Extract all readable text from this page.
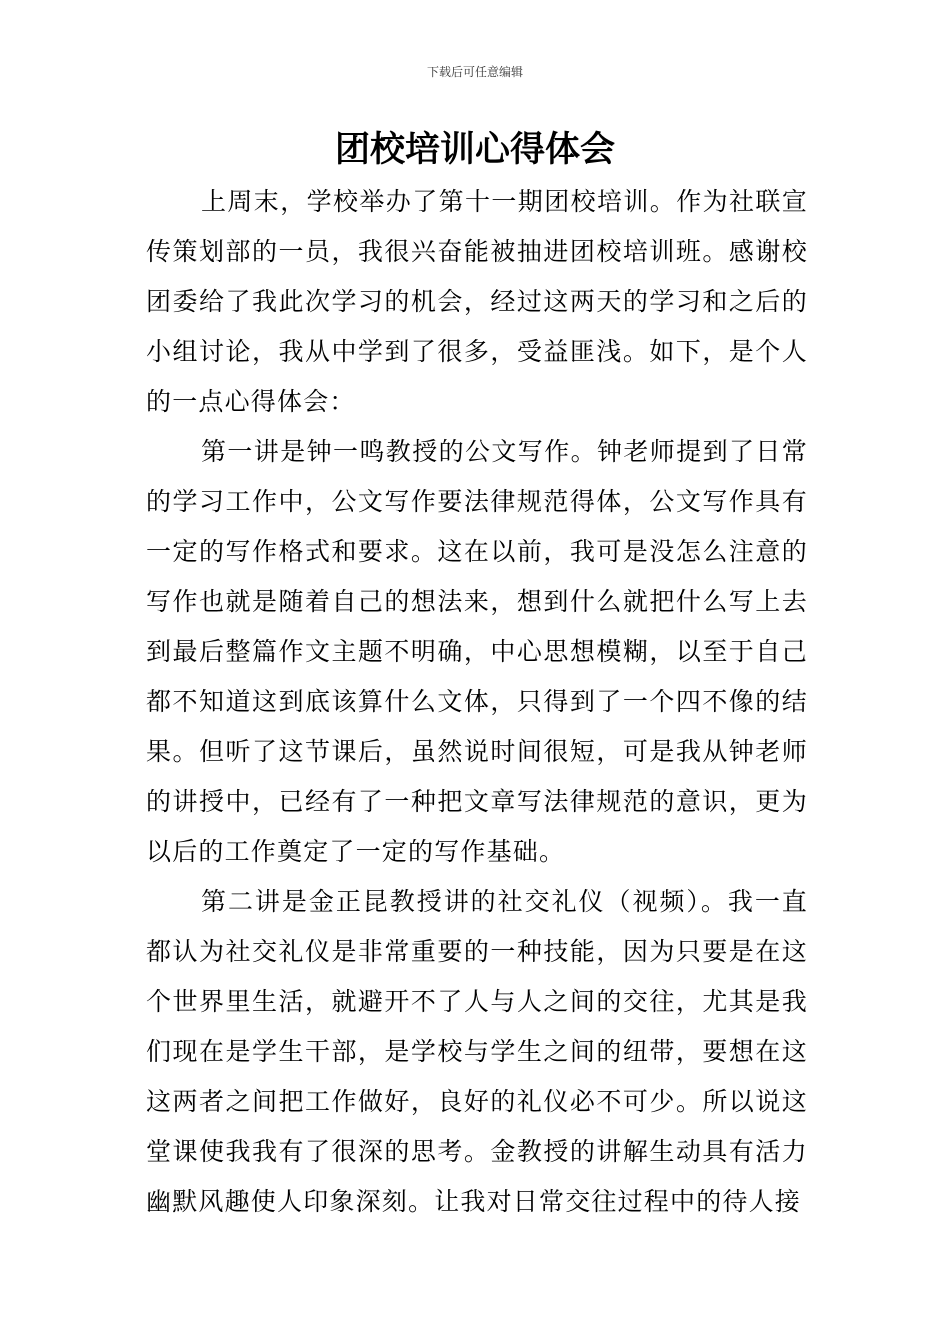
下载后可任意编辑
团校培训心得体会

上周末，学校举办了第十一期团校培训。作为社联宣传策划部的一员，我很兴奋能被抽进团校培训班。感谢校团委给了我此次学习的机会，经过这两天的学习和之后的小组讨论，我从中学到了很多，受益匪浅。如下，是个人的一点心得体会：

第一讲是钟一鸣教授的公文写作。钟老师提到了日常的学习工作中，公文写作要法律规范得体，公文写作具有一定的写作格式和要求。这在以前，我可是没怎么注意的写作也就是随着自己的想法来，想到什么就把什么写上去到最后整篇作文主题不明确，中心思想模糊，以至于自己都不知道这到底该算什么文体，只得到了一个四不像的结果。但听了这节课后，虽然说时间很短，可是我从钟老师的讲授中，已经有了一种把文章写法律规范的意识，更为以后的工作奠定了一定的写作基础。

第二讲是金正昆教授讲的社交礼仪（视频）。我一直都认为社交礼仪是非常重要的一种技能，因为只要是在这个世界里生活，就避开不了人与人之间的交往，尤其是我们现在是学生干部，是学校与学生之间的纽带，要想在这这两者之间把工作做好，良好的礼仪必不可少。所以说这堂课使我我有了很深的思考。金教授的讲解生动具有活力幽默风趣使人印象深刻。让我对日常交往过程中的待人接
